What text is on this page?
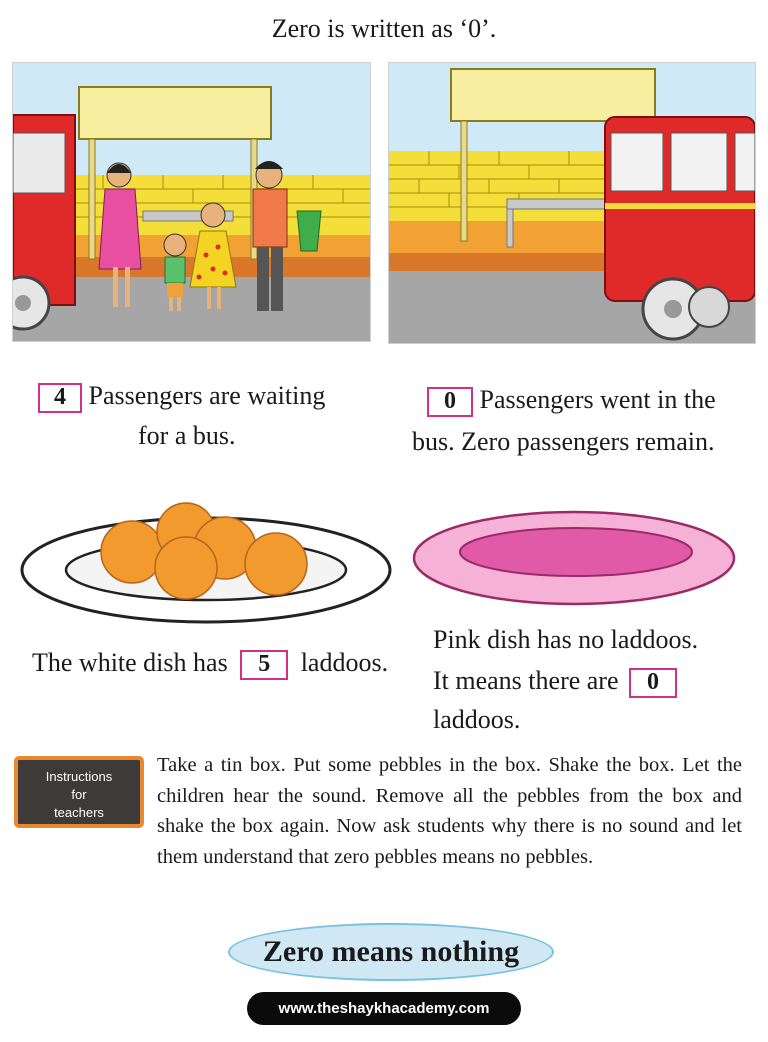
Zero is written as ‘0’.
4 Passengers are waiting
for a bus.
0 Passengers went in the
bus. Zero passengers remain.
The white dish has 5 laddoos.
Pink dish has no laddoos.
It means there are 0
laddoos.
Instructions
for
teachers
Take a tin box. Put some pebbles in the box. Shake the box. Let the children hear the sound. Remove all the pebbles from the box and shake the box again. Now ask students why there is no sound and let them understand that zero pebbles means no pebbles.
Zero means nothing
www.theshaykhacademy.com
